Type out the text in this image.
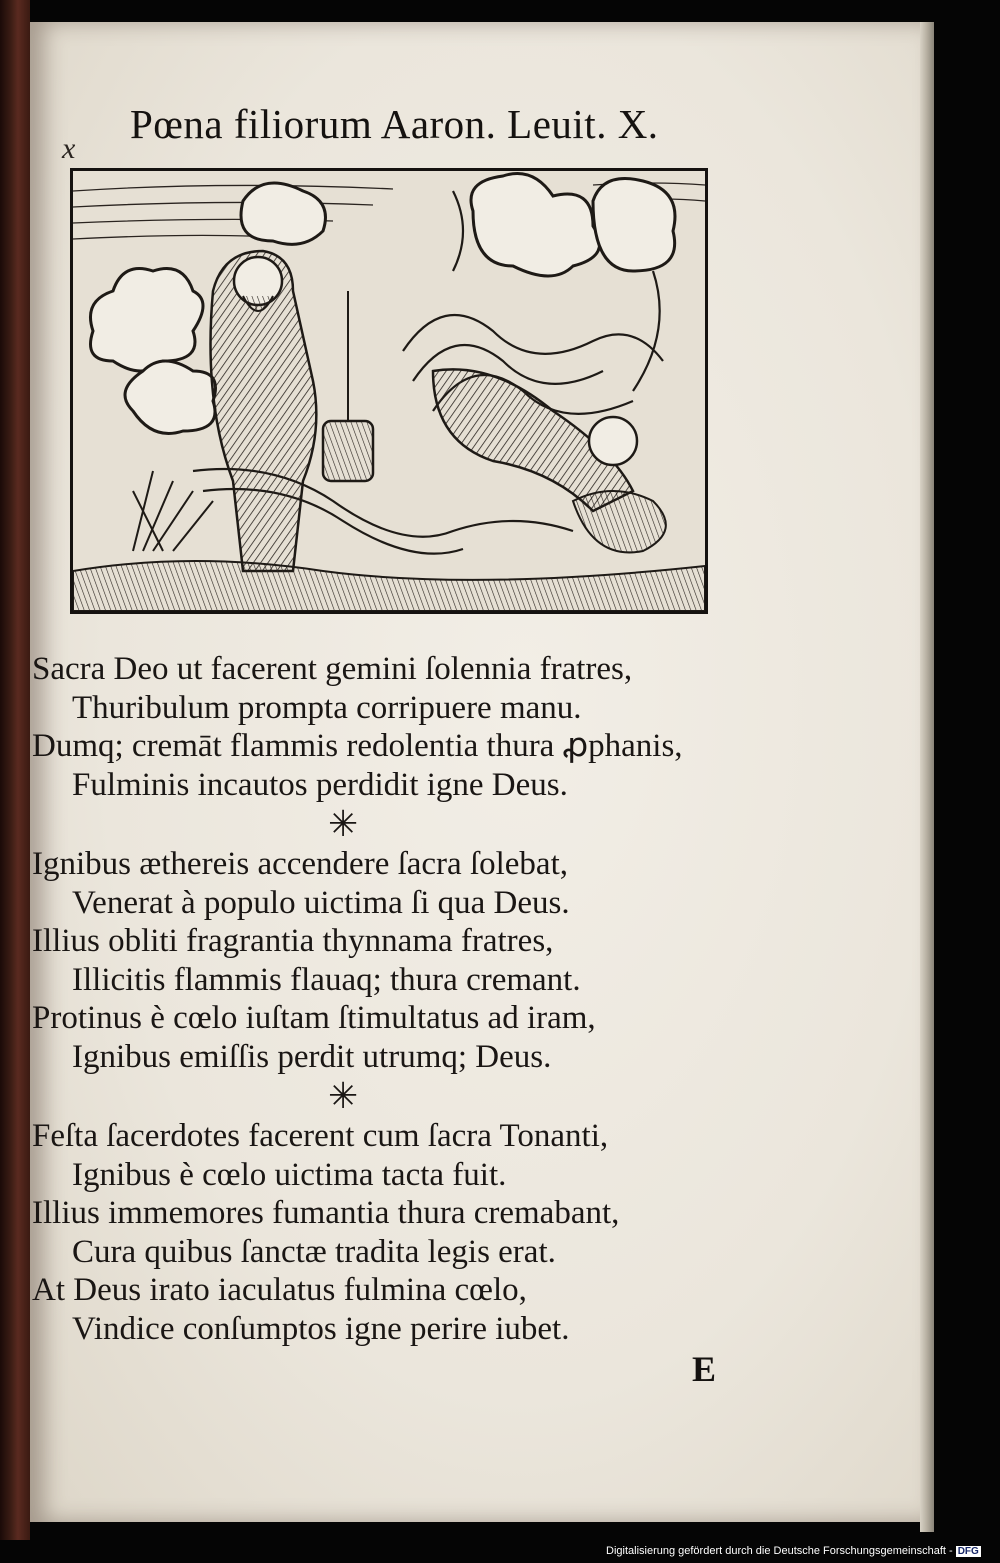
x
Pœna filiorum Aaron. Leuit. X.
Sacra Deo ut facerent gemini ſolennia fratres,
Thuribulum prompta corripuere manu.
Dumq; cremāt flammis redolentia thura ꝓphanis,
Fulminis incautos perdidit igne Deus.
✳
Ignibus æthereis accendere ſacra ſolebat,
Venerat à populo uictima ſi qua Deus.
Illius obliti fragrantia thynnama fratres,
Illicitis flammis flauaq; thura cremant.
Protinus è cœlo iuſtam ſtimultatus ad iram,
Ignibus emiſſis perdit utrumq; Deus.
✳
Feſta ſacerdotes facerent cum ſacra Tonanti,
Ignibus è cœlo uictima tacta fuit.
Illius immemores fumantia thura cremabant,
Cura quibus ſanctæ tradita legis erat.
At Deus irato iaculatus fulmina cœlo,
Vindice conſumptos igne perire iubet.
E
Digitalisierung gefördert durch die Deutsche Forschungsgemeinschaft - DFG
